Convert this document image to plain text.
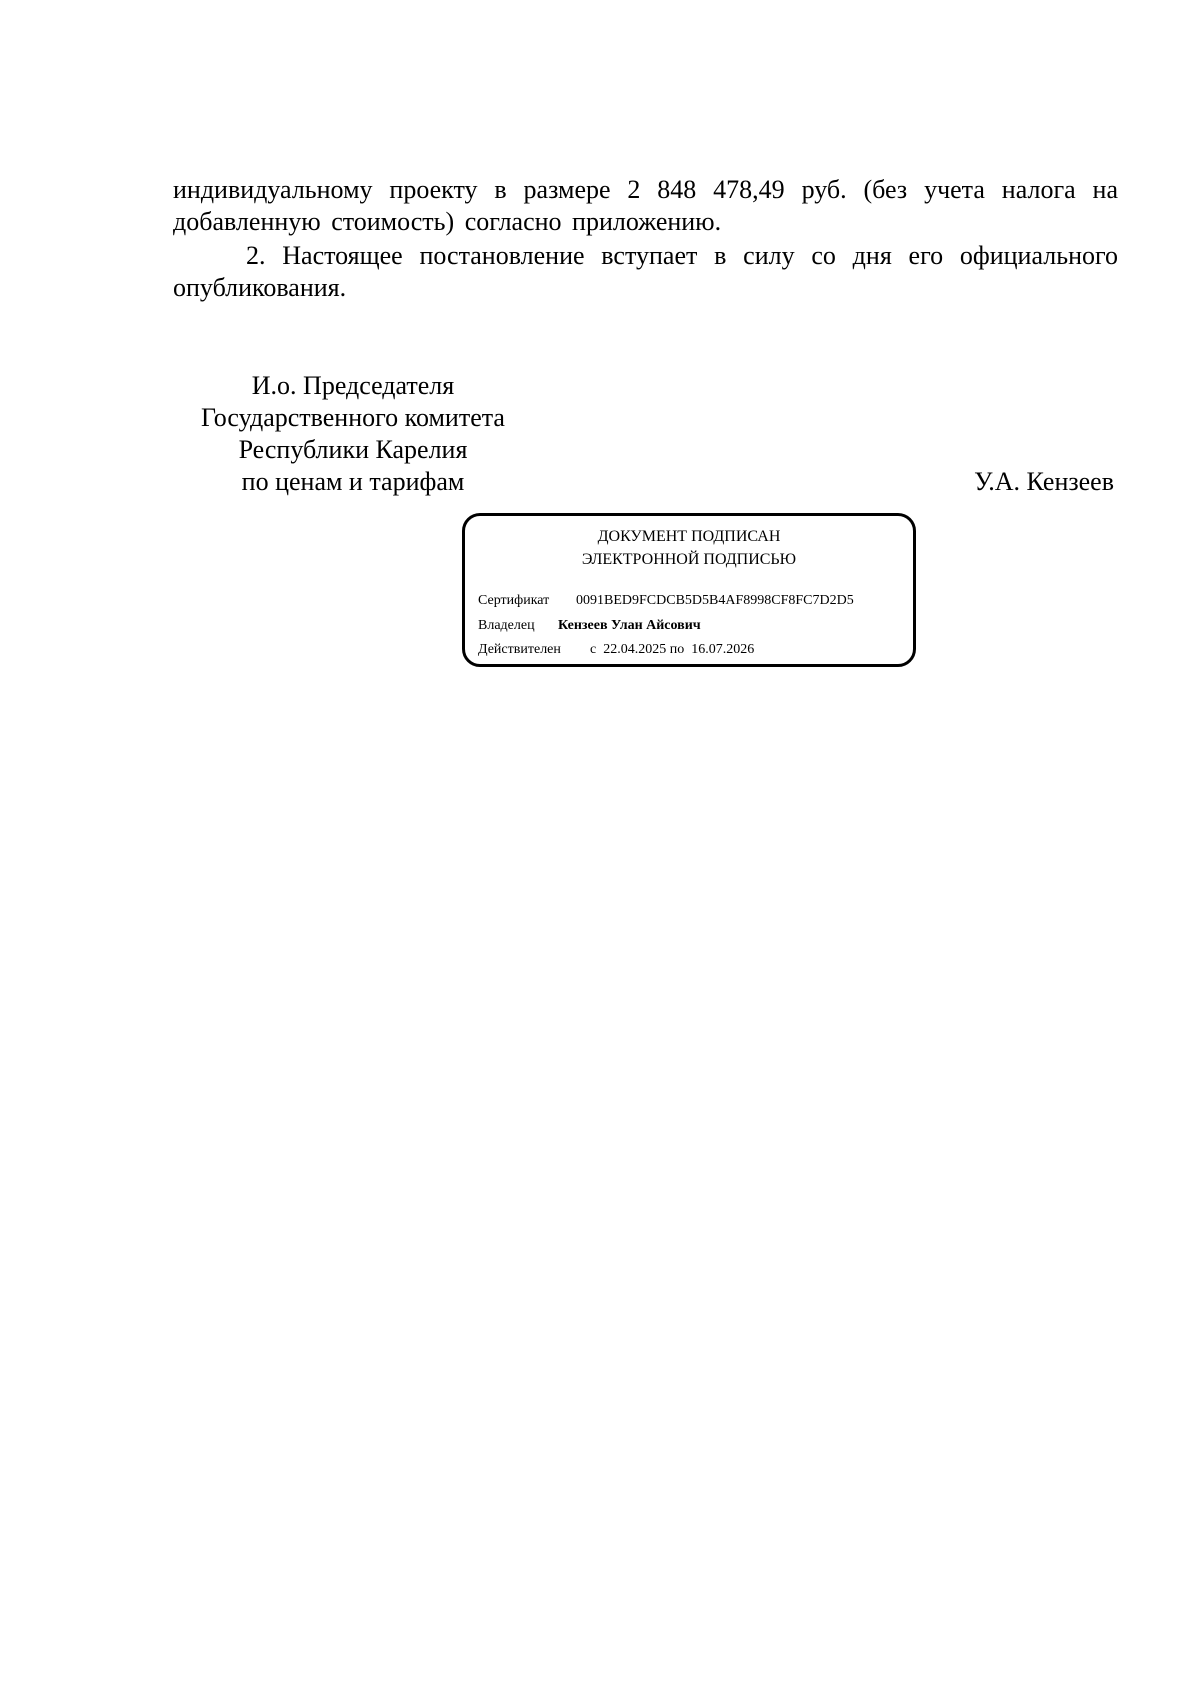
индивидуальному проекту в размере 2 848 478,49 руб. (без учета налога на добавленную стоимость) согласно приложению.
2. Настоящее постановление вступает в силу со дня его официального опубликования.
И.о. Председателя
Государственного комитета
Республики Карелия
по ценам и тарифам	У.А. Кензеев
ДОКУМЕНТ ПОДПИСАН
ЭЛЕКТРОННОЙ ПОДПИСЬЮ
Сертификат 0091BED9FCDCB5D5B4AF8998CF8FC7D2D5
Владелец Кензеев Улан Айсович
Действителен с  22.04.2025 по  16.07.2026
